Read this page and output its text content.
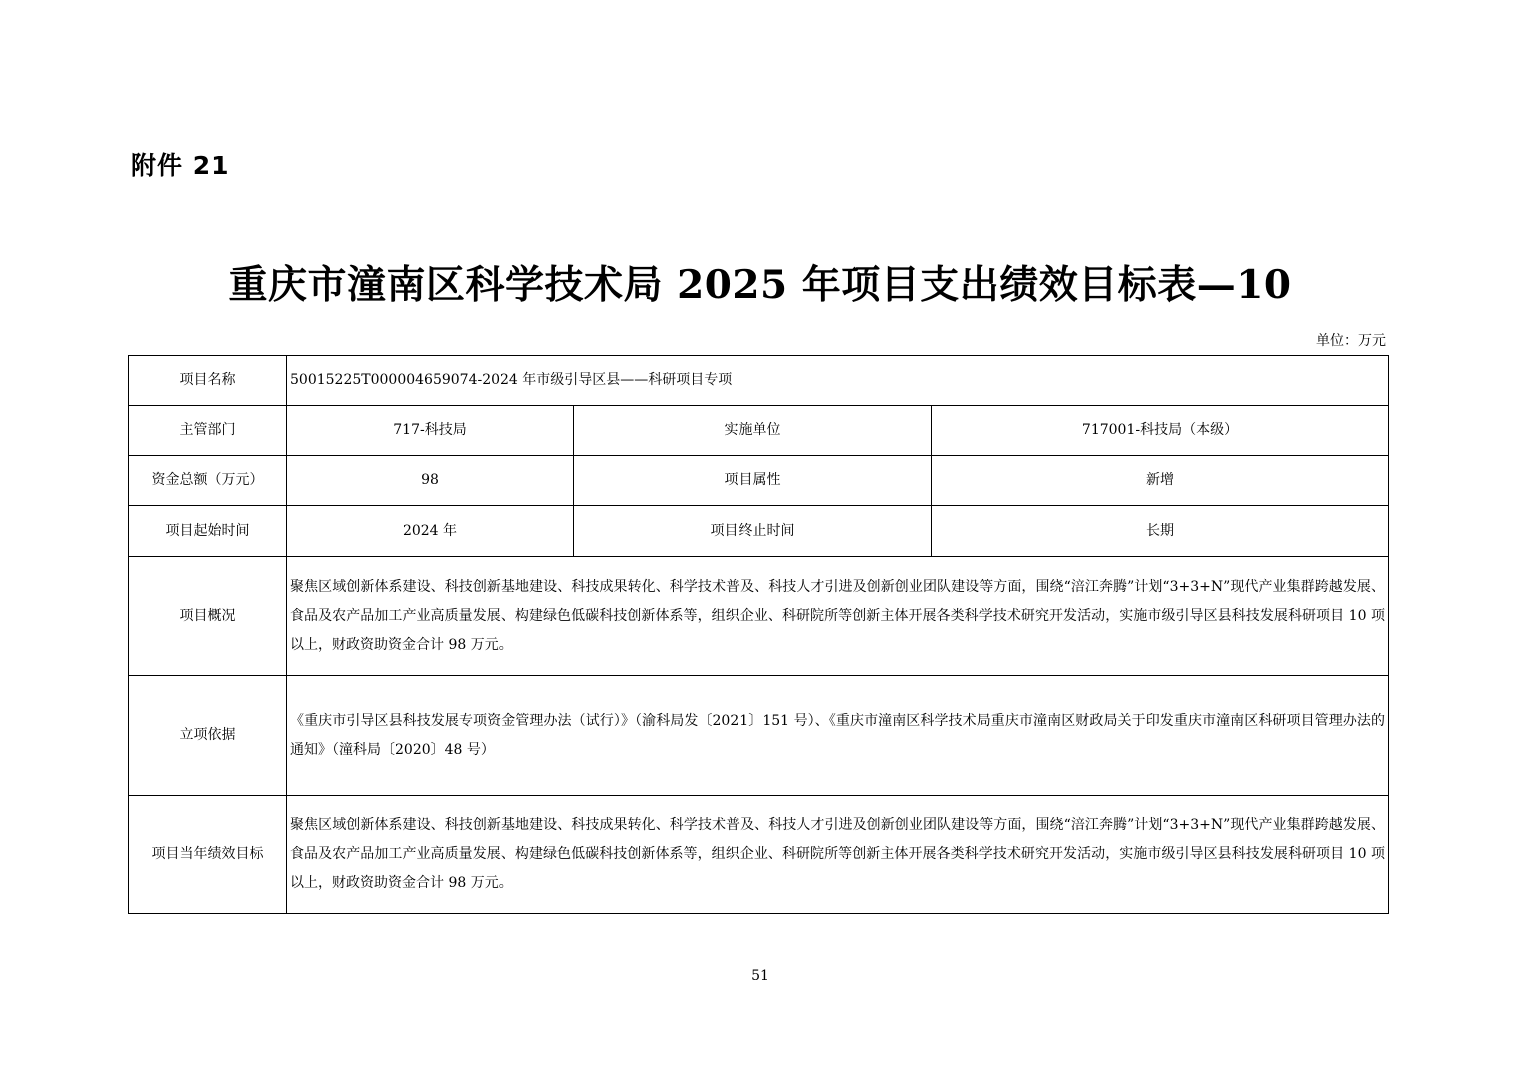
附件 21
重庆市潼南区科学技术局 2025 年项目支出绩效目标表—10
单位：万元
项目名称	50015225T000004659074-2024 年市级引导区县——科研项目专项		
主管部门	717-科技局	实施单位	717001-科技局（本级）
资金总额（万元）	98	项目属性	新增
项目起始时间	2024 年	项目终止时间	长期
项目概况	聚焦区域创新体系建设、科技创新基地建设、科技成果转化、科学技术普及、科技人才引进及创新创业团队建设等方面，围绕“涪江奔腾”计划“3+3+N”现代产业集群跨越发展、食品及农产品加工产业高质量发展、构建绿色低碳科技创新体系等，组织企业、科研院所等创新主体开展各类科学技术研究开发活动，实施市级引导区县科技发展科研项目 10 项以上，财政资助资金合计 98 万元。		
立项依据	《重庆市引导区县科技发展专项资金管理办法（试行）》（渝科局发〔2021〕151 号）、《重庆市潼南区科学技术局重庆市潼南区财政局关于印发重庆市潼南区科研项目管理办法的通知》（潼科局〔2020〕48 号）		
项目当年绩效目标	聚焦区域创新体系建设、科技创新基地建设、科技成果转化、科学技术普及、科技人才引进及创新创业团队建设等方面，围绕“涪江奔腾”计划“3+3+N”现代产业集群跨越发展、食品及农产品加工产业高质量发展、构建绿色低碳科技创新体系等，组织企业、科研院所等创新主体开展各类科学技术研究开发活动，实施市级引导区县科技发展科研项目 10 项以上，财政资助资金合计 98 万元。		
51
